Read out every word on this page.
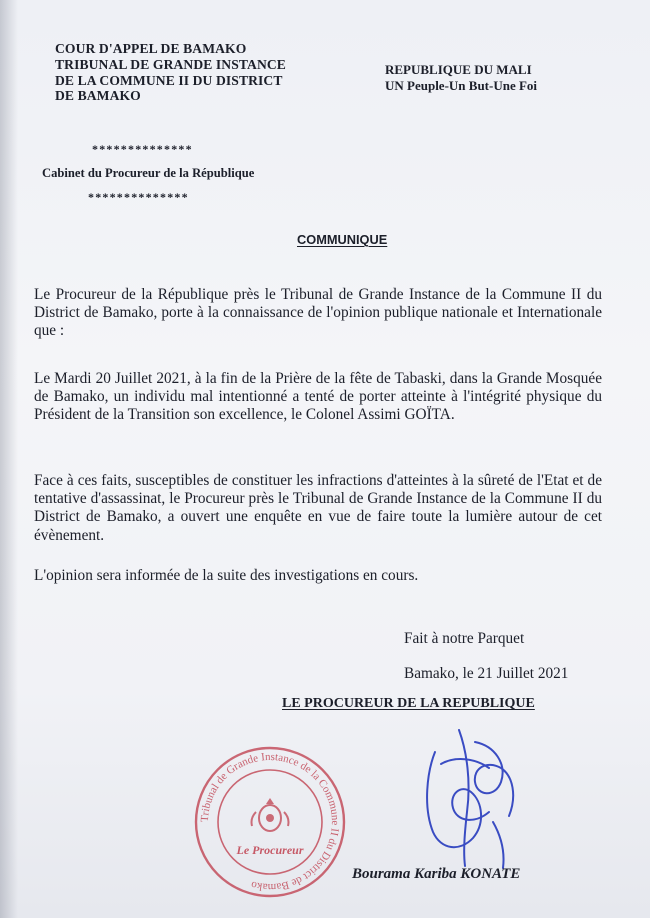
COUR D'APPEL DE BAMAKO
TRIBUNAL DE GRANDE INSTANCE
DE LA COMMUNE II DU DISTRICT
DE BAMAKO
REPUBLIQUE DU MALI
UN Peuple-Un But-Une Foi
**************
Cabinet du Procureur de la République
**************
COMMUNIQUE
Le Procureur de la République près le Tribunal de Grande Instance de la Commune II du District de Bamako, porte à la connaissance de l'opinion publique nationale et Internationale que :
Le Mardi 20 Juillet 2021, à la fin de la Prière de la fête de Tabaski, dans la Grande Mosquée de Bamako, un individu mal intentionné a tenté de porter atteinte à l'intégrité physique du Président de la Transition son excellence, le Colonel Assimi GOÏTA.
Face à ces faits, susceptibles de constituer les infractions d'atteintes à la sûreté de l'Etat et de tentative d'assassinat, le Procureur près le Tribunal de Grande Instance de la Commune II du District de Bamako, a ouvert une enquête en vue de faire toute la lumière autour de cet évènement.
L'opinion sera informée de la suite des investigations en cours.
Fait à notre Parquet
Bamako, le 21 Juillet 2021
LE PROCUREUR DE LA REPUBLIQUE
Tribunal de Grande Instance de la Commune II du District de Bamako
Le Procureur
Bourama Kariba KONATE
